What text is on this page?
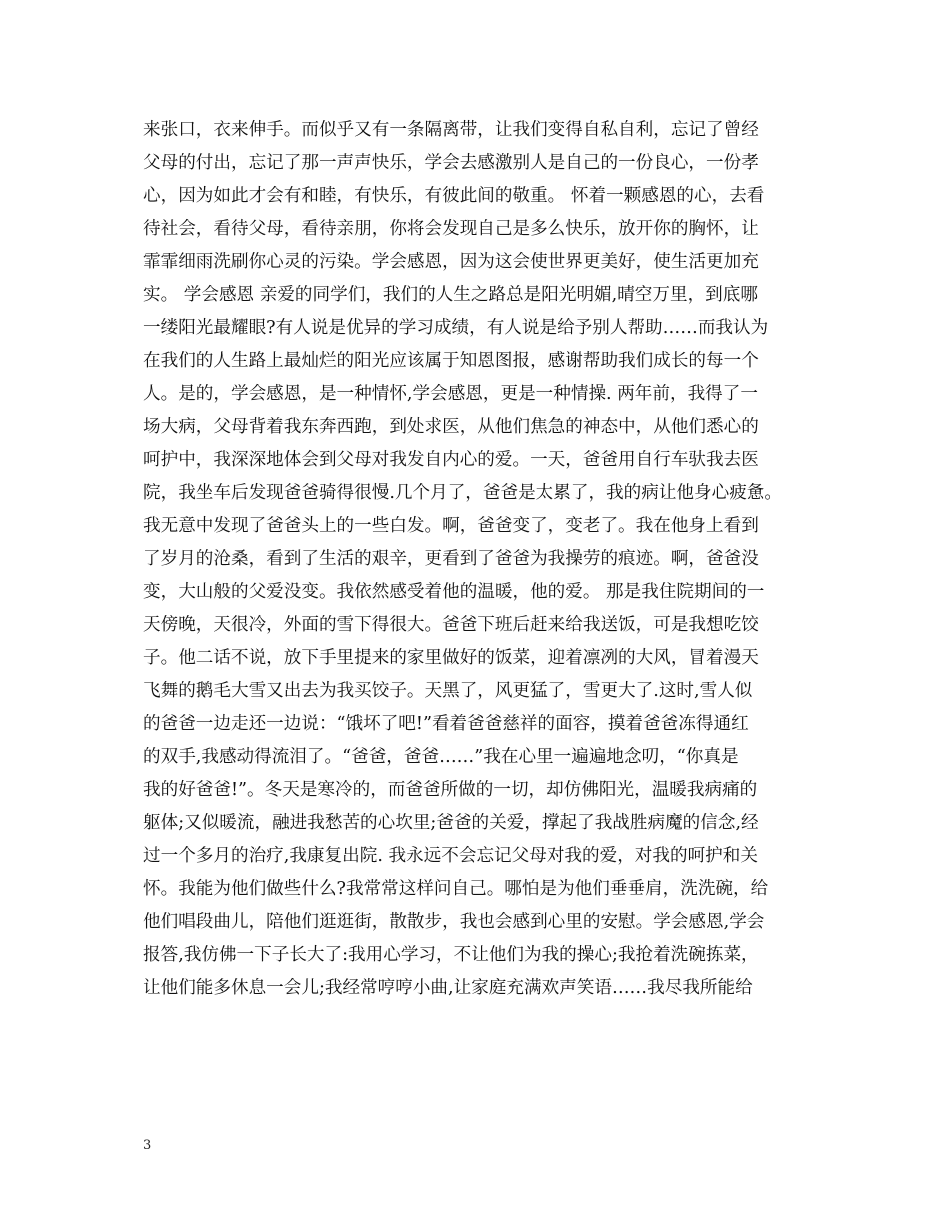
来张口，衣来伸手。而似乎又有一条隔离带，让我们变得自私自利，忘记了曾经
父母的付出，忘记了那一声声快乐，学会去感激别人是自己的一份良心，一份孝
心，因为如此才会有和睦，有快乐，有彼此间的敬重。 怀着一颗感恩的心，去看
待社会，看待父母，看待亲朋，你将会发现自己是多么快乐，放开你的胸怀，让
霏霏细雨洗刷你心灵的污染。学会感恩，因为这会使世界更美好，使生活更加充
实。 学会感恩 亲爱的同学们，我们的人生之路总是阳光明媚,晴空万里，到底哪
一缕阳光最耀眼?有人说是优异的学习成绩，有人说是给予别人帮助……而我认为
在我们的人生路上最灿烂的阳光应该属于知恩图报，感谢帮助我们成长的每一个
人。是的，学会感恩，是一种情怀,学会感恩，更是一种情操. 两年前，我得了一
场大病，父母背着我东奔西跑，到处求医，从他们焦急的神态中，从他们悉心的
呵护中，我深深地体会到父母对我发自内心的爱。一天，爸爸用自行车驮我去医
院，我坐车后发现爸爸骑得很慢.几个月了，爸爸是太累了，我的病让他身心疲惫。
我无意中发现了爸爸头上的一些白发。啊，爸爸变了，变老了。我在他身上看到
了岁月的沧桑，看到了生活的艰辛，更看到了爸爸为我操劳的痕迹。啊，爸爸没
变，大山般的父爱没变。我依然感受着他的温暖，他的爱。 那是我住院期间的一
天傍晚，天很冷，外面的雪下得很大。爸爸下班后赶来给我送饭，可是我想吃饺
子。他二话不说，放下手里提来的家里做好的饭菜，迎着凛冽的大风，冒着漫天
飞舞的鹅毛大雪又出去为我买饺子。天黑了，风更猛了，雪更大了.这时,雪人似
的爸爸一边走还一边说：“饿坏了吧!”看着爸爸慈祥的面容，摸着爸爸冻得通红
的双手,我感动得流泪了。“爸爸，爸爸……”我在心里一遍遍地念叨，“你真是
我的好爸爸!”。冬天是寒冷的，而爸爸所做的一切，却仿佛阳光，温暖我病痛的
躯体;又似暖流，融进我愁苦的心坎里;爸爸的关爱，撑起了我战胜病魔的信念,经
过一个多月的治疗,我康复出院. 我永远不会忘记父母对我的爱，对我的呵护和关
怀。我能为他们做些什么?我常常这样问自己。哪怕是为他们垂垂肩，洗洗碗，给
他们唱段曲儿，陪他们逛逛街，散散步，我也会感到心里的安慰。学会感恩,学会
报答,我仿佛一下子长大了:我用心学习，不让他们为我的操心;我抢着洗碗拣菜，
让他们能多休息一会儿;我经常哼哼小曲,让家庭充满欢声笑语……我尽我所能给
3
